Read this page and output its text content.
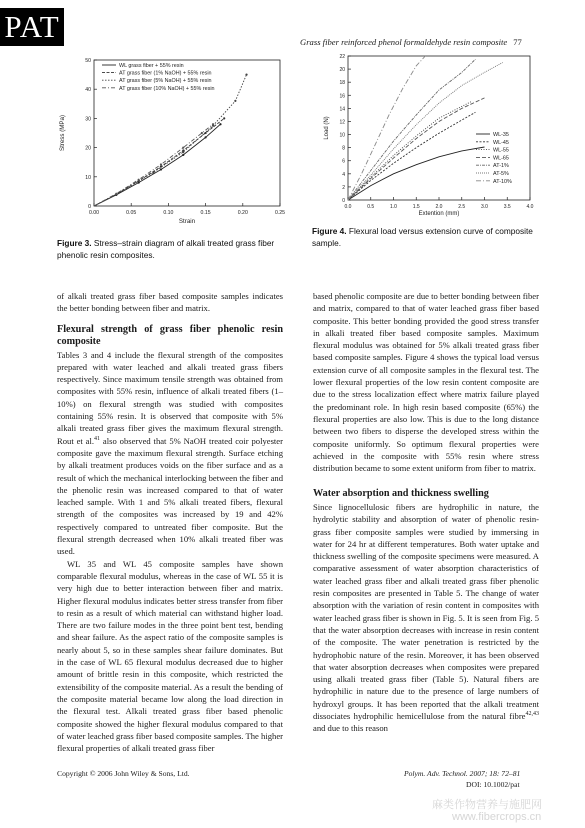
PAT	Grass fiber reinforced phenol formaldehyde resin composite 77
0.00	0.05	0.10	0.15	0.20	0.25
0
10
20
30
40
50
Strain
Stress (MPa)
WL grass fiber + 55% resin
AT grass fiber (1% NaOH) + 55% resin
AT grass fiber (5% NaOH) + 55% resin
AT grass fiber (10% NaOH) + 55% resin
Figure 3. Stress–strain diagram of alkali treated grass fiber phenolic resin composites.
0.0	0.5	1.0	1.5	2.0	2.5	3.0	3.5	4.0
0
2
4
6
8
10
12
14
16
18
20
22
Extention (mm)
Load (N)	WL-35
WL-45
WL-55
WL-65
AT-1%
AT-5%
AT-10%
Figure 4. Flexural load versus extension curve of composite sample.

of alkali treated grass fiber based composite samples indicates the better bonding between fiber and matrix.

Flexural strength of grass fiber phenolic resin composite

Tables 3 and 4 include the flexural strength of the composites prepared with water leached and alkali treated grass fibers respectively. Since maximum tensile strength was obtained from composites with 55% resin, influence of alkali treated fibers (1–10%) on flexural strength was studied with composites containing 55% resin. It is observed that composite with 5% alkali treated grass fiber gives the maximum flexural strength. Rout et al.$^{41}$ also observed that 5% NaOH treated coir polyester composite gave the maximum flexural strength. Surface etching by alkali treatment produces voids on the fiber surface and as a result of which the mechanical interlocking between the fiber and the phenolic resin was increased compared to that of water leached sample. With 1 and 5% alkali treated fibers, flexural strength of the composites was increased by 19 and 42% respectively compared to untreated fiber composite. But the flexural strength decreased when 10% alkali treated fiber was used.

WL 35 and WL 45 composite samples have shown comparable flexural modulus, whereas in the case of WL 55 it is very high due to better interaction between fiber and matrix. Higher flexural modulus indicates better stress transfer from fiber to resin as a result of which material can withstand higher load. There are two failure modes in the three point bent test, bending and shear failure. As the aspect ratio of the composite samples is nearly about 5, so in these samples shear failure dominates. But in the case of WL 65 flexural modulus decreased due to higher amount of brittle resin in this composite, which restricted the extensibility of the composite material. As a result the bending of the composite material became low along the load direction in the flexural test. Alkali treated grass fiber based phenolic composite showed the higher flexural modulus compared to that of water leached grass fiber based composite samples. The higher flexural properties of alkali treated grass fiber

based phenolic composite are due to better bonding between fiber and matrix, compared to that of water leached grass fiber based composite. This better bonding provided the good stress transfer in alkali treated fiber based composite samples. Maximum flexural modulus was obtained for 5% alkali treated grass fiber based composite samples. Figure 4 shows the typical load versus extension curve of all composite samples in the flexural test. The lower flexural properties of the low resin content composite are due to the stress localization effect where matrix failure played the predominant role. In high resin based composite (65%) the flexural properties are also low. This is due to the long distance between two fibers to disperse the developed stress within the composite uniformly. So optimum flexural properties were achieved in the composite with 55% resin where stress distribution became to some extent uniform from fiber to matrix.

Water absorption and thickness swelling

Since lignocellulosic fibers are hydrophilic in nature, the hydrolytic stability and absorption of water of phenolic resin-grass fiber composite samples were studied by immersing in water for 24 hr at different temperatures. Both water uptake and thickness swelling of the composite specimens were measured. A comparative assessment of water absorption characteristics of water leached grass fiber and alkali treated grass fiber phenolic resin composites are presented in Table 5. The change of water absorption with the variation of resin content in composites with water leached grass fiber is shown in Fig. 5. It is seen from Fig. 5 that the water absorption decreases with increase in resin content of the composite. The water penetration is restricted by the hydrophobic nature of the resin. Moreover, it has been observed that water absorption decreases when composites were prepared using alkali treated grass fiber (Table 5). Natural fibers are hydrophilic in nature due to the presence of large numbers of hydroxyl groups. It has been reported that the alkali treatment dissociates hydrophilic hemicellulose from the natural fibre$^{42,43}$ and due to this reason

Copyright © 2006 John Wiley & Sons, Ltd.	Polym. Adv. Technol. 2007; 18: 72–81
DOI: 10.1002/pat
麻类作物营养与施肥网
www.fibercrops.cn
